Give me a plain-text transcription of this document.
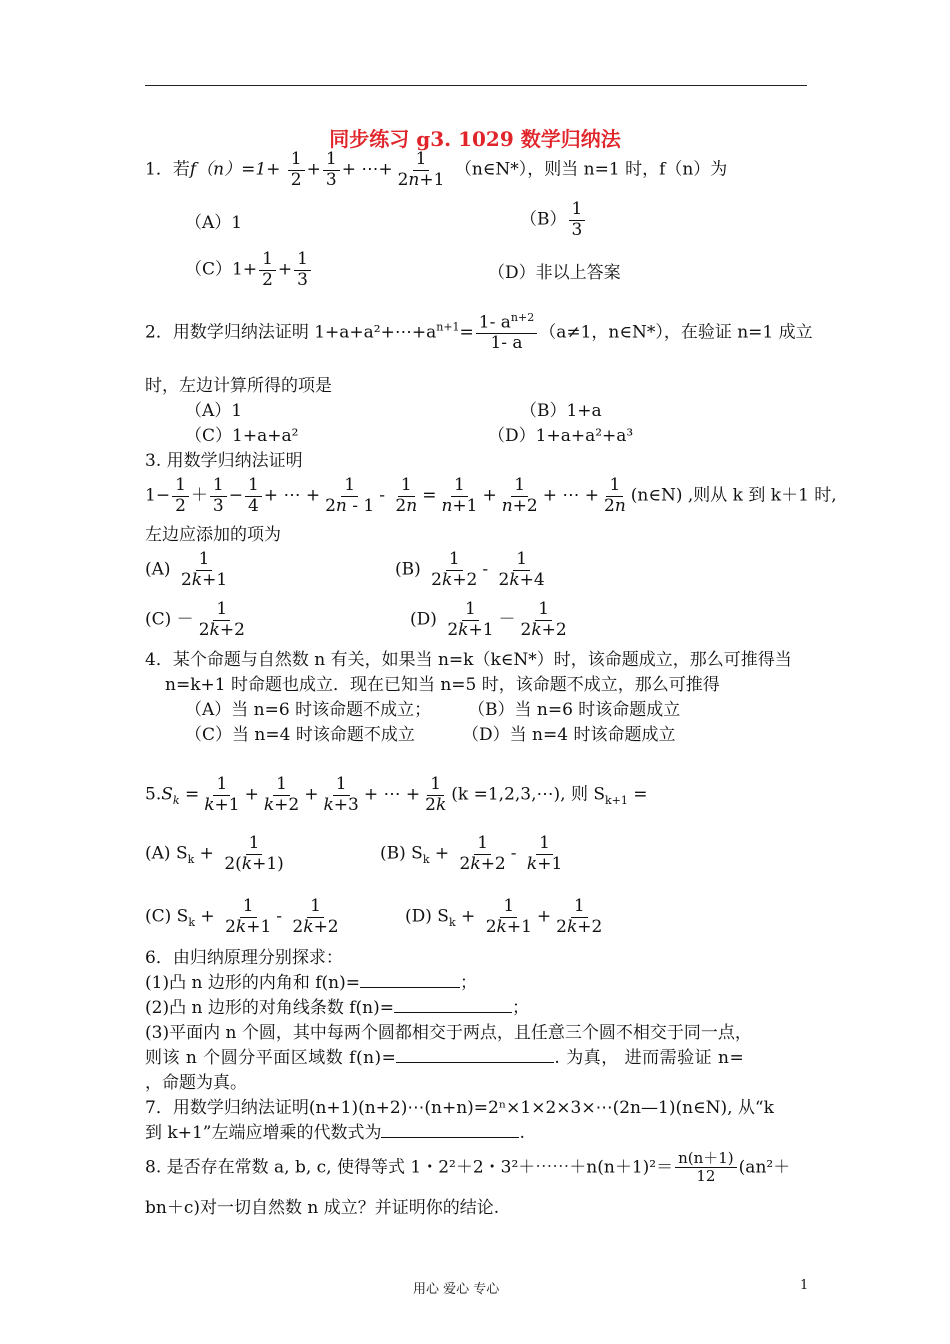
同步练习 g3. 1029 数学归纳法
1．若$f(n)=1+ \frac{1}{2} + \frac{1}{3}$ + ⋯+ $\frac{1}{2n+1}$ （n∈N*），则当 n=1 时，f（n）为
（A）1	$(B) \frac{1}{3}$
$(C)1+ \frac{1}{2} + \frac{1}{3}$	（D）非以上答案
2．用数学归纳法证明 $1+a+a^2+\cdots+a^{n+1}= \frac{1- a^{n+2}}{1- a} (a\ne 1$，n∈N*），在验证 n=1 成立
时，左边计算所得的项是
（A）1	（B）1+a
（C）1+a+a²	（D）1+a+a²+a³
3. 用数学归纳法证明
$1- \frac{1}{2} + \frac{1}{3} - \frac{1}{4}$ + ⋯ + $\frac{1}{2n - 1} - \frac{1}{2n} = \frac{1}{n+1} + \frac{1}{n+2}$ + ⋯ + $\frac{1}{2n}$ (n∈N) ,则从 k 到 k＋1 时,
左边应添加的项为
$(A) \frac{1}{2k+1}$	$(B) \frac{1}{2k+2} - \frac{1}{2k+4}$
$(C) - \frac{1}{2k+2}$	$(D) \frac{1}{2k+1} - \frac{1}{2k+2}$
4．某个命题与自然数 n 有关，如果当 n=k（k∈N*）时，该命题成立，那么可推得当
n=k+1 时命题也成立．现在已知当 n=5 时，该命题不成立，那么可推得
（A）当 n=6 时该命题不成立； （B）当 n=6 时该命题成立
（C）当 n=4 时该命题不成立	（D）当 n=4 时该命题成立
$5.S_k = \frac{1}{k+1} + \frac{1}{k+2} + \frac{1}{k+3}$ + ⋯ + $\frac{1}{2k} (k$ =1,2,3,⋯), 则 $S_{k+1}$ =
(A) $S_k + \frac{1}{2(k+1)}$	(B) $S_k + \frac{1}{2k+2} - \frac{1}{k+1}$
(C) $S_k + \frac{1}{2k+1} - \frac{1}{2k+2}$	(D) $S_k + \frac{1}{2k+1} + \frac{1}{2k+2}$
6．由归纳原理分别探求：
(1)凸 n 边形的内角和 f(n)=	；
(2)凸 n 边形的对角线条数 f(n)=	；
(3)平面内 n 个圆，其中每两个圆都相交于两点，且任意三个圆不相交于同一点，
则该 n 个圆分平面区域数 f(n)=	. 为真， 进而需验证 n=
，命题为真。
7．用数学归纳法证明(n+1)(n+2)⋯(n+n)=2ⁿ×1×2×3×⋯(2n—1)(n∈N), 从“k
到 k+1”左端应增乘的代数式为	.
8. 是否存在常数 a, b, c, 使得等式 1・2²＋2・3²＋⋯⋯＋n(n＋1)²＝ $\frac{n(n+1)}{12} (an^2+$
bn＋c)对一切自然数 n 成立？并证明你的结论.
用心 爱心 专心	1
